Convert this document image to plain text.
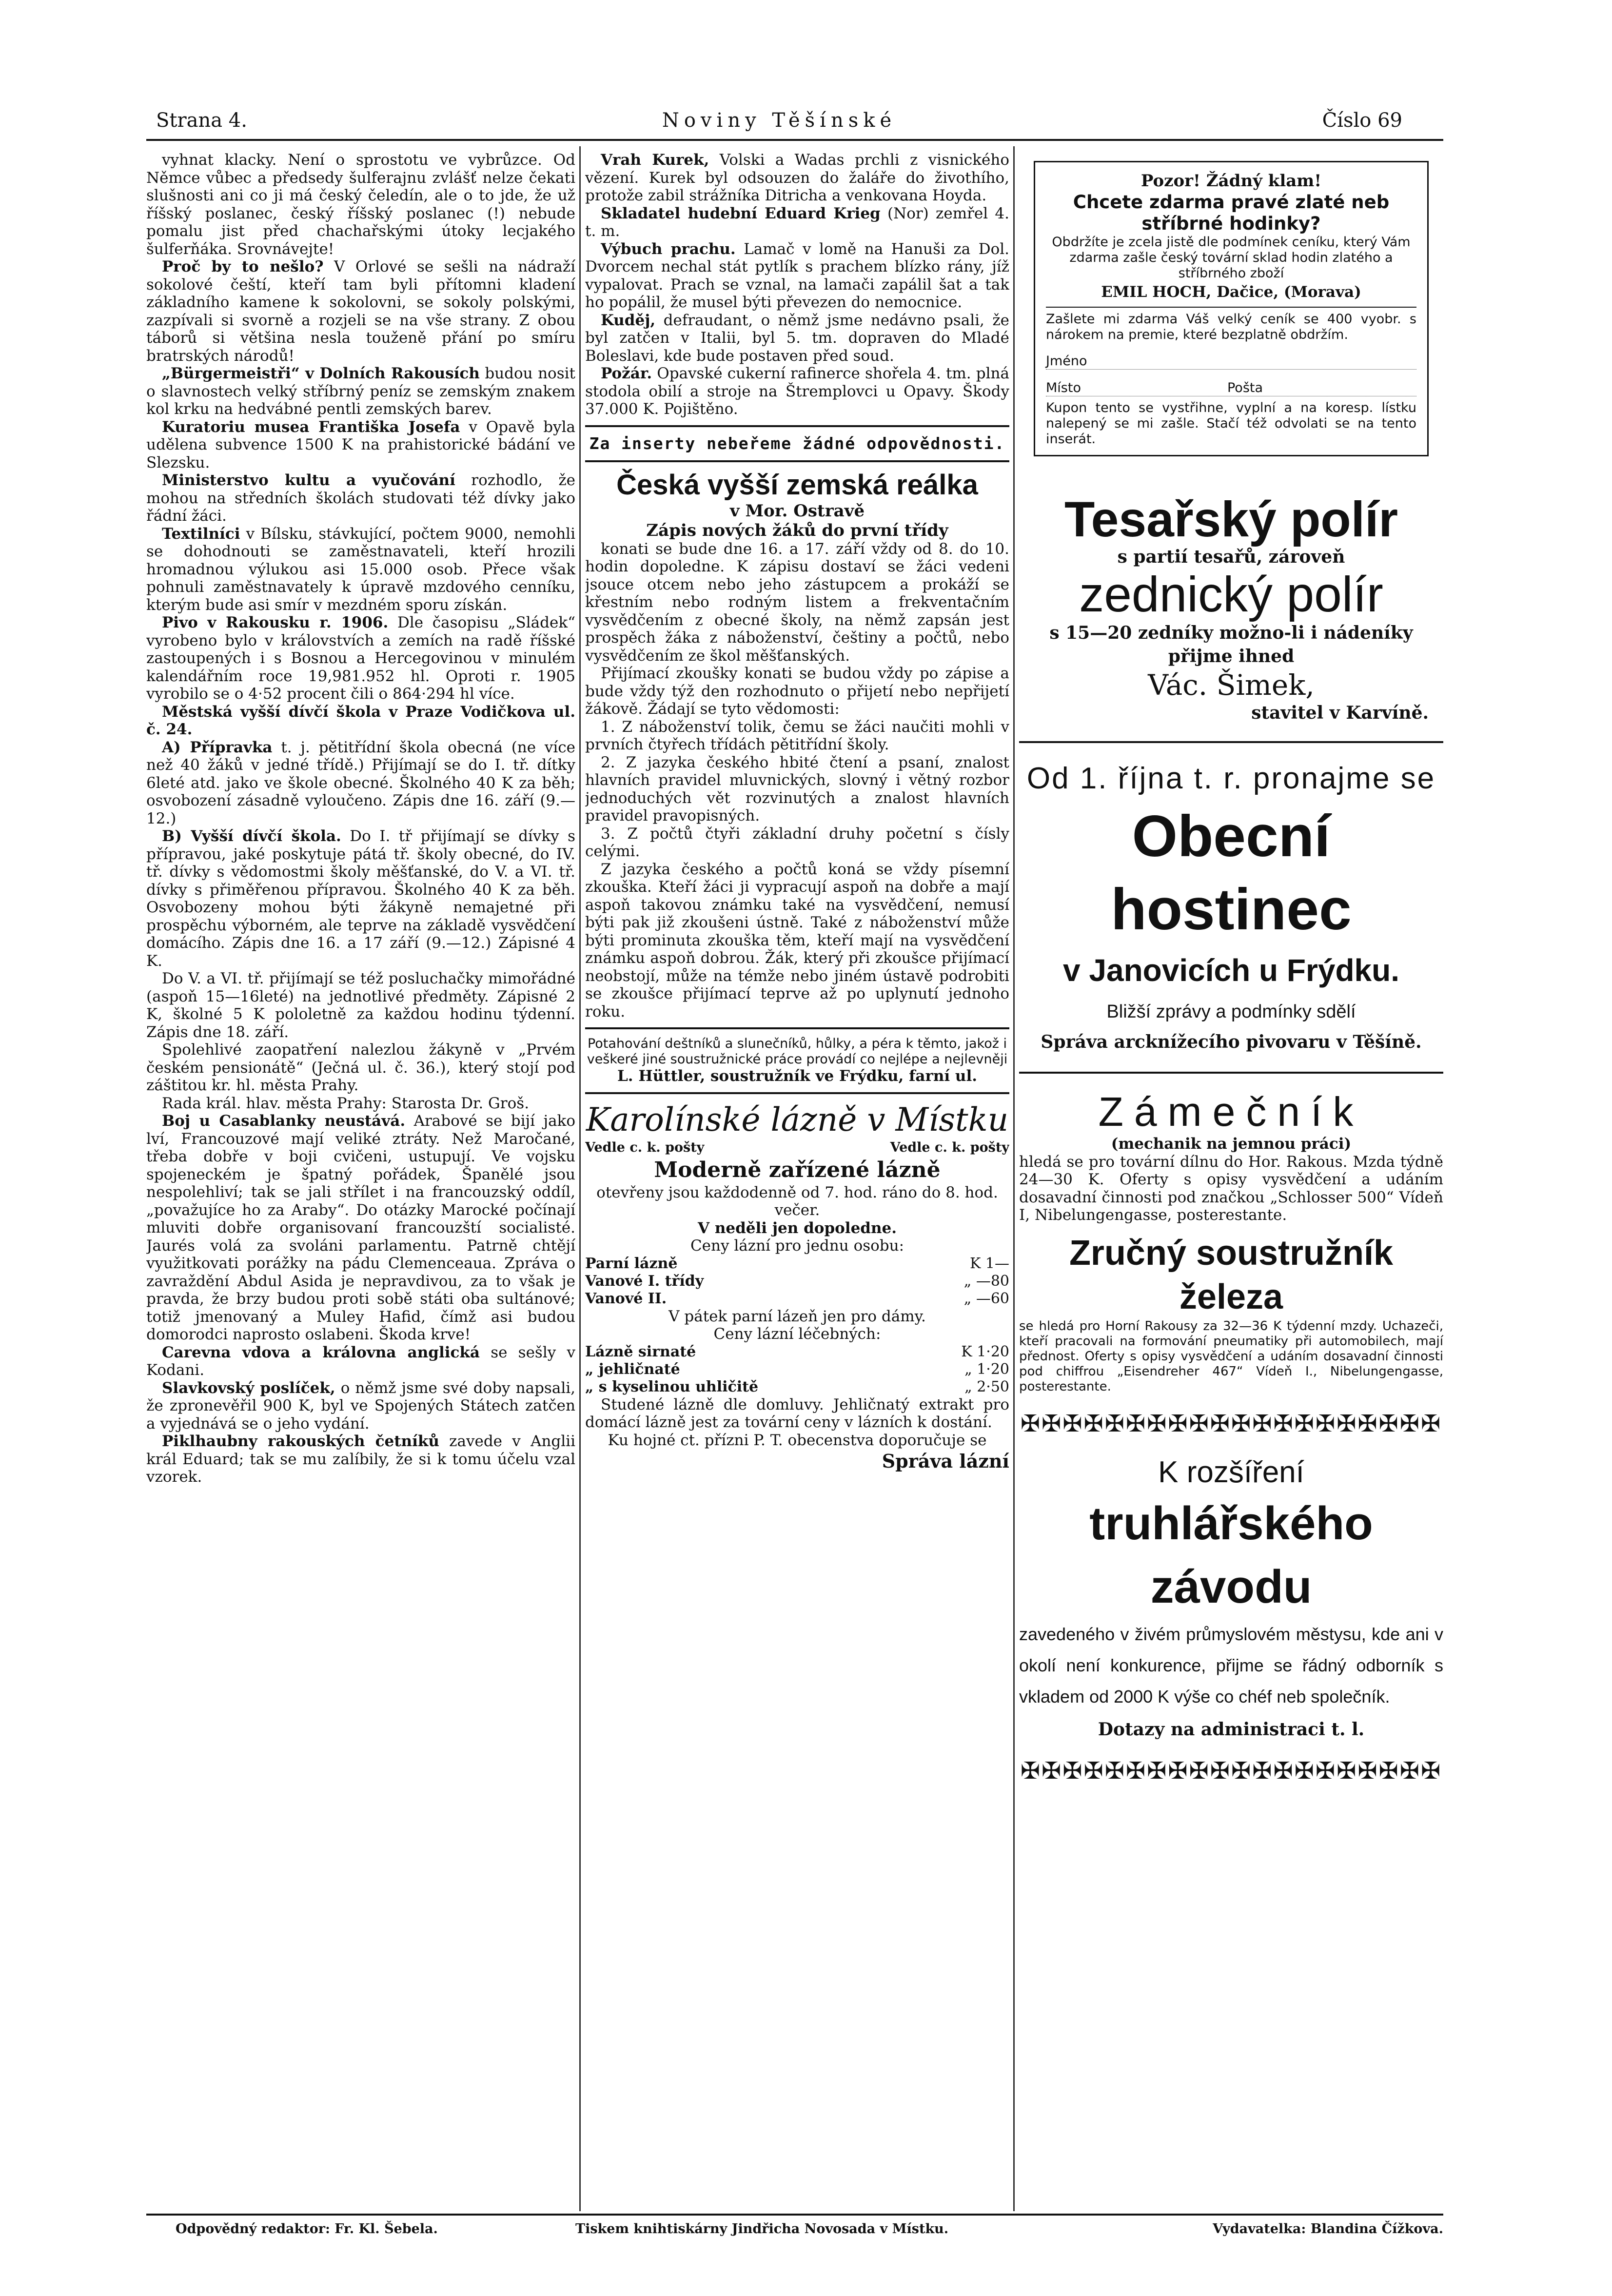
Strana 4.	Noviny Těšínské	Číslo 69

vyhnat klacky. Není o sprostotu ve vybrůzce. Od Němce vůbec a předsedy šulferajnu zvlášť nelze čekati slušnosti ani co ji má český čeledín, ale o to jde, že už říšský poslanec, český říšský poslanec (!) nebude pomalu jist před chachařskými útoky lecjakého šulferňáka. Srovnávejte!

Proč by to nešlo? V Orlové se sešli na nádraží sokolové čeští, kteří tam byli přítomni kladení základního kamene k sokolovni, se sokoly polskými, zazpívali si svorně a rozjeli se na vše strany. Z obou táborů si většina nesla touženě přání po smíru bratrských národů!

„Bürgermeistři“ v Dolních Rakousích budou nosit o slavnostech velký stříbrný peníz se zemským znakem kol krku na hedvábné pentli zemských barev.

Kuratoriu musea Františka Josefa v Opavě byla udělena subvence 1500 K na prahistorické bádání ve Slezsku.

Ministerstvo kultu a vyučování rozhodlo, že mohou na středních školách studovati též dívky jako řádní žáci.

Textilníci v Bílsku, stávkující, počtem 9000, nemohli se dohodnouti se zaměstnavateli, kteří hrozili hromadnou výlukou asi 15.000 osob. Přece však pohnuli zaměstnavately k úpravě mzdového cenníku, kterým bude asi smír v mezdném sporu získán.

Pivo v Rakousku r. 1906. Dle časopisu „Sládek“ vyrobeno bylo v královstvích a zemích na radě říšské zastoupených i s Bosnou a Hercegovinou v minulém kalendářním roce 19,981.952 hl. Oproti r. 1905 vyrobilo se o 4·52 procent čili o 864·294 hl více.

Městská vyšší dívčí škola v Praze Vodičkova ul. č. 24.

A) Přípravka t. j. pětitřídní škola obecná (ne více než 40 žáků v jedné třídě.) Přijímají se do I. tř. dítky 6leté atd. jako ve škole obecné. Školného 40 K za běh; osvobození zásadně vyloučeno. Zápis dne 16. září (9.—12.)

B) Vyšší dívčí škola. Do I. tř přijímají se dívky s přípravou, jaké poskytuje pátá tř. školy obecné, do IV. tř. dívky s vědomostmi školy měšťanské, do V. a VI. tř. dívky s přiměřenou přípravou. Školného 40 K za běh. Osvobozeny mohou býti žákyně nemajetné při prospěchu výborném, ale teprve na základě vysvědčení domácího. Zápis dne 16. a 17 září (9.—12.) Zápisné 4 K.

Do V. a VI. tř. přijímají se též posluchačky mimořádné (aspoň 15—16leté) na jednotlivé předměty. Zápisné 2 K, školné 5 K pololetně za každou hodinu týdenní. Zápis dne 18. září.

Spolehlivé zaopatření nalezlou žákyně v „Prvém českém pensionátě“ (Ječná ul. č. 36.), který stojí pod záštitou kr. hl. města Prahy.

Rada král. hlav. města Prahy: Starosta Dr. Groš.

Boj u Casablanky neustává. Arabové se bijí jako lví, Francouzové mají veliké ztráty. Než Maročané, třeba dobře v boji cvičeni, ustupují. Ve vojsku spojeneckém je špatný pořádek, Španělé jsou nespolehliví; tak se jali střílet i na francouzský oddíl, „považujíce ho za Araby“. Do otázky Marocké počínají mluviti dobře organisovaní francouzští socialisté. Jaurés volá za svoláni parlamentu. Patrně chtějí využitkovati porážky na pádu Clemenceaua. Zpráva o zavraždění Abdul Asida je nepravdivou, za to však je pravda, že brzy budou proti sobě státi oba sultánové; totiž jmenovaný a Muley Hafid, čímž asi budou domorodci naprosto oslabeni. Škoda krve!

Carevna vdova a královna anglická se sešly v Kodani.

Slavkovský poslíček, o němž jsme své doby napsali, že zpronevěřil 900 K, byl ve Spojených Státech zatčen a vyjednává se o jeho vydání.

Piklhaubny rakouských četníků zavede v Anglii král Eduard; tak se mu zalíbily, že si k tomu účelu vzal vzorek.

Vrah Kurek, Volski a Wadas prchli z visnického vězení. Kurek byl odsouzen do žaláře do živothího, protože zabil strážníka Ditricha a venkovana Hoyda.

Skladatel hudební Eduard Krieg (Nor) zemřel 4. t. m.

Výbuch prachu. Lamač v lomě na Hanuši za Dol. Dvorcem nechal stát pytlík s prachem blízko rány, jíž vypalovat. Prach se vznal, na lamači zapálil šat a tak ho popálil, že musel býti převezen do nemocnice.

Kuděj, defraudant, o němž jsme nedávno psali, že byl zatčen v Italii, byl 5. tm. dopraven do Mladé Boleslavi, kde bude postaven před soud.

Požár. Opavské cukerní rafinerce shořela 4. tm. plná stodola obilí a stroje na Štremplovci u Opavy. Škody 37.000 K. Pojištěno.

Za inserty nebeřeme žádné odpovědnosti.

Česká vyšší zemská reálka

v Mor. Ostravě

Zápis nových žáků do první třídy

konati se bude dne 16. a 17. září vždy od 8. do 10. hodin dopoledne. K zápisu dostaví se žáci vedeni jsouce otcem nebo jeho zástupcem a prokáží se křestním nebo rodným listem a frekventačním vysvědčením z obecné školy, na němž zapsán jest prospěch žáka z náboženství, češtiny a počtů, nebo vysvědčením ze škol měšťanských.

Přijímací zkoušky konati se budou vždy po zápise a bude vždy týž den rozhodnuto o přijetí nebo nepřijetí žákově. Žádají se tyto vědomosti:

1. Z náboženství tolik, čemu se žáci naučiti mohli v prvních čtyřech třídách pětitřídní školy.

2. Z jazyka českého hbité čtení a psaní, znalost hlavních pravidel mluvnických, slovný i větný rozbor jednoduchých vět rozvinutých a znalost hlavních pravidel pravopisných.

3. Z počtů čtyři základní druhy početní s čísly celými.

Z jazyka českého a počtů koná se vždy písemní zkouška. Kteří žáci ji vypracují aspoň na dobře a mají aspoň takovou známku také na vysvědčení, nemusí býti pak již zkoušeni ústně. Také z náboženství může býti prominuta zkouška těm, kteří mají na vysvědčení známku aspoň dobrou. Žák, který při zkoušce přijímací neobstojí, může na témže nebo jiném ústavě podrobiti se zkoušce přijímací teprve až po uplynutí jednoho roku.

Potahování deštníků a slunečníků, hůlky, a péra k těmto, jakož i veškeré jiné soustružnické práce provádí co nejlépe a nejlevněji

L. Hüttler, soustružník ve Frýdku, farní ul.

Karolínské lázně v Místku

Vedle c. k. pošty	Vedle c. k. pošty

Moderně zařízené lázně

otevřeny jsou každodenně od 7. hod. ráno do 8. hod. večer.

V neděli jen dopoledne.

Ceny lázní pro jednu osobu:

Parní lázně	K 1—
Vanové I. třídy	„ —80
Vanové II.	„ —60

V pátek parní lázeň jen pro dámy.

Ceny lázní léčebných:

Lázně sirnaté	K 1·20
„ jehličnaté	„ 1·20
„ s kyselinou uhličitě	„ 2·50

Studené lázně dle domluvy. Jehličnatý extrakt pro domácí lázně jest za tovární ceny v lázních k dostání.

Ku hojné ct. přízni P. T. obecenstva doporučuje se

Správa lázní

Pozor! Žádný klam!

Chcete zdarma pravé zlaté neb stříbrné hodinky?

Obdržíte je zcela jistě dle podmínek ceníku, který Vám zdarma zašle český tovární sklad hodin zlatého a stříbrného zboží

EMIL HOCH, Dačice, (Morava)

Zašlete mi zdarma Váš velký ceník se 400 vyobr. s nárokem na premie, které bezplatně obdržím.

Jméno

Místo	Pošta

Kupon tento se vystřihne, vyplní a na koresp. lístku nalepený se mi zašle. Stačí též odvolati se na tento inserát.

Tesařský polír

s partií tesařů, zároveň

zednický polír

s 15—20 zedníky možno-li i nádeníky

přijme ihned

Vác. Šimek,

stavitel v Karvíně.

Od 1. října t. r. pronajme se

Obecní hostinec

v Janovicích u Frýdku.

Bližší zprávy a podmínky sdělí

Správa arcknížecího pivovaru v Těšíně.

Zámečník

(mechanik na jemnou práci)

hledá se pro tovární dílnu do Hor. Rakous. Mzda týdně 24—30 K. Oferty s opisy vysvědčení a udáním dosavadní činnosti pod značkou „Schlosser 500“ Vídeň I, Nibelungengasse, posterestante.

Zručný soustružník železa

se hledá pro Horní Rakousy za 32—36 K týdenní mzdy. Uchazeči, kteří pracovali na formování pneumatiky při automobilech, mají přednost. Oferty s opisy vysvědčení a udáním dosavadní činnosti pod chiffrou „Eisendreher 467“ Vídeň I., Nibelungengasse, posterestante.

✠✠✠✠✠✠✠✠✠✠✠✠✠✠✠✠✠✠✠✠

K rozšíření

truhlářského závodu

zavedeného v živém průmyslovém městysu, kde ani v okolí není konkurence, přijme se řádný odborník s vkladem od 2000 K výše co chéf neb společník.

Dotazy na administraci t. l.

✠✠✠✠✠✠✠✠✠✠✠✠✠✠✠✠✠✠✠✠
Odpovědný redaktor: Fr. Kl. Šebela.	Tiskem knihtiskárny Jindřicha Novosada v Místku.	Vydavatelka: Blandina Čížkova.
